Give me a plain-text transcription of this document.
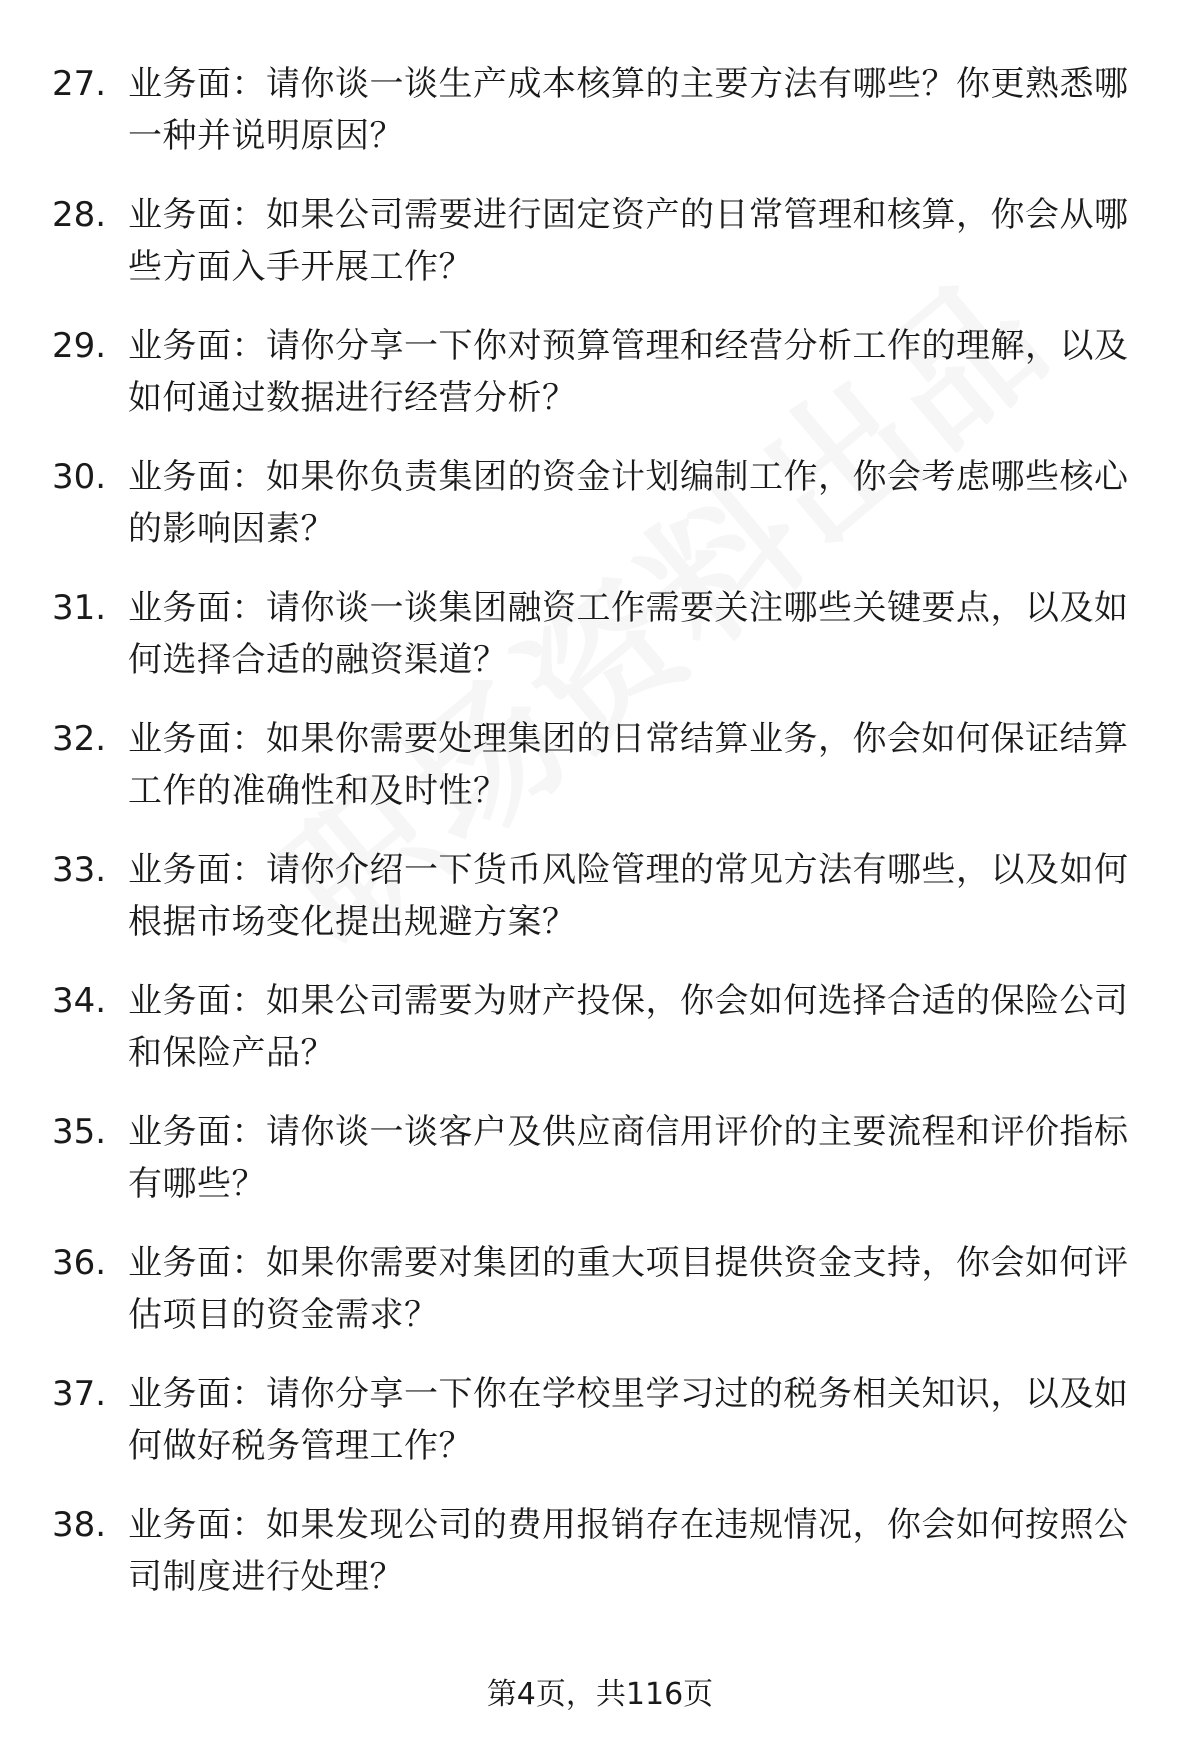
27. 业务面：请你谈一谈生产成本核算的主要方法有哪些？你更熟悉哪一种并说明原因？
28. 业务面：如果公司需要进行固定资产的日常管理和核算，你会从哪些方面入手开展工作？
29. 业务面：请你分享一下你对预算管理和经营分析工作的理解，以及如何通过数据进行经营分析？
30. 业务面：如果你负责集团的资金计划编制工作，你会考虑哪些核心的影响因素？
31. 业务面：请你谈一谈集团融资工作需要关注哪些关键要点，以及如何选择合适的融资渠道？
32. 业务面：如果你需要处理集团的日常结算业务，你会如何保证结算工作的准确性和及时性？
33. 业务面：请你介绍一下货币风险管理的常见方法有哪些，以及如何根据市场变化提出规避方案？
34. 业务面：如果公司需要为财产投保，你会如何选择合适的保险公司和保险产品？
35. 业务面：请你谈一谈客户及供应商信用评价的主要流程和评价指标有哪些？
36. 业务面：如果你需要对集团的重大项目提供资金支持，你会如何评估项目的资金需求？
37. 业务面：请你分享一下你在学校里学习过的税务相关知识，以及如何做好税务管理工作？
38. 业务面：如果发现公司的费用报销存在违规情况，你会如何按照公司制度进行处理？
第4页，共116页
